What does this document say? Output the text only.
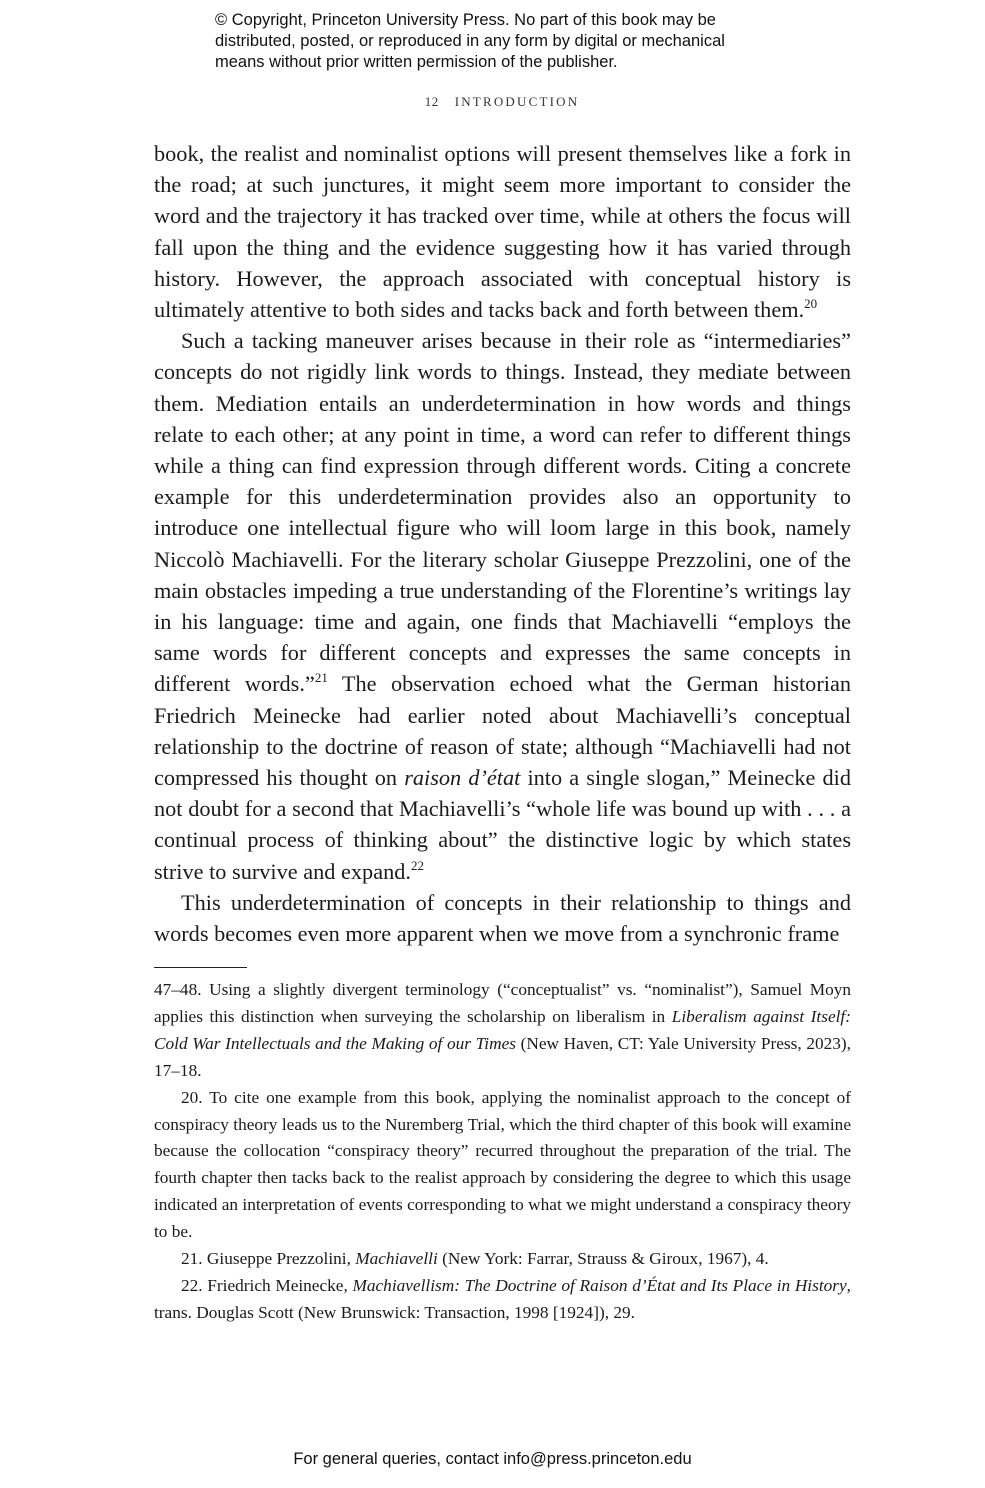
© Copyright, Princeton University Press. No part of this book may be
distributed, posted, or reproduced in any form by digital or mechanical
means without prior written permission of the publisher.
12 INTRODUCTION

book, the realist and nominalist options will present themselves like a fork in the road; at such junctures, it might seem more important to consider the word and the trajectory it has tracked over time, while at others the focus will fall upon the thing and the evidence suggesting how it has varied through history. However, the approach associated with conceptual history is ultimately attentive to both sides and tacks back and forth between them.$^{20}$

Such a tacking maneuver arises because in their role as “intermediaries” concepts do not rigidly link words to things. Instead, they mediate between them. Mediation entails an underdetermination in how words and things relate to each other; at any point in time, a word can refer to different things while a thing can find expression through different words. Citing a concrete example for this underdetermination provides also an opportunity to introduce one intellectual figure who will loom large in this book, namely Niccolò Machiavelli. For the literary scholar Giuseppe Prezzolini, one of the main obstacles impeding a true understanding of the Florentine’s writings lay in his language: time and again, one finds that Machiavelli “employs the same words for different concepts and expresses the same concepts in different words.”$^{21}$ The observation echoed what the German historian Friedrich Meinecke had earlier noted about Machiavelli’s conceptual relationship to the doctrine of reason of state; although “Machiavelli had not compressed his thought on raison d’état into a single slogan,” Meinecke did not doubt for a second that Machiavelli’s “whole life was bound up with . . . a continual process of thinking about” the distinctive logic by which states strive to survive and expand.$^{22}$

This underdetermination of concepts in their relationship to things and words becomes even more apparent when we move from a synchronic frame

47–48. Using a slightly divergent terminology (“conceptualist” vs. “nominalist”), Samuel Moyn applies this distinction when surveying the scholarship on liberalism in Liberalism against Itself: Cold War Intellectuals and the Making of our Times (New Haven, CT: Yale University Press, 2023), 17–18.

20. To cite one example from this book, applying the nominalist approach to the concept of conspiracy theory leads us to the Nuremberg Trial, which the third chapter of this book will examine because the collocation “conspiracy theory” recurred throughout the preparation of the trial. The fourth chapter then tacks back to the realist approach by considering the degree to which this usage indicated an interpretation of events corresponding to what we might understand a conspiracy theory to be.

21. Giuseppe Prezzolini, Machiavelli (New York: Farrar, Strauss & Giroux, 1967), 4.

22. Friedrich Meinecke, Machiavellism: The Doctrine of Raison d’État and Its Place in History, trans. Douglas Scott (New Brunswick: Transaction, 1998 [1924]), 29.

For general queries, contact info@press.princeton.edu
